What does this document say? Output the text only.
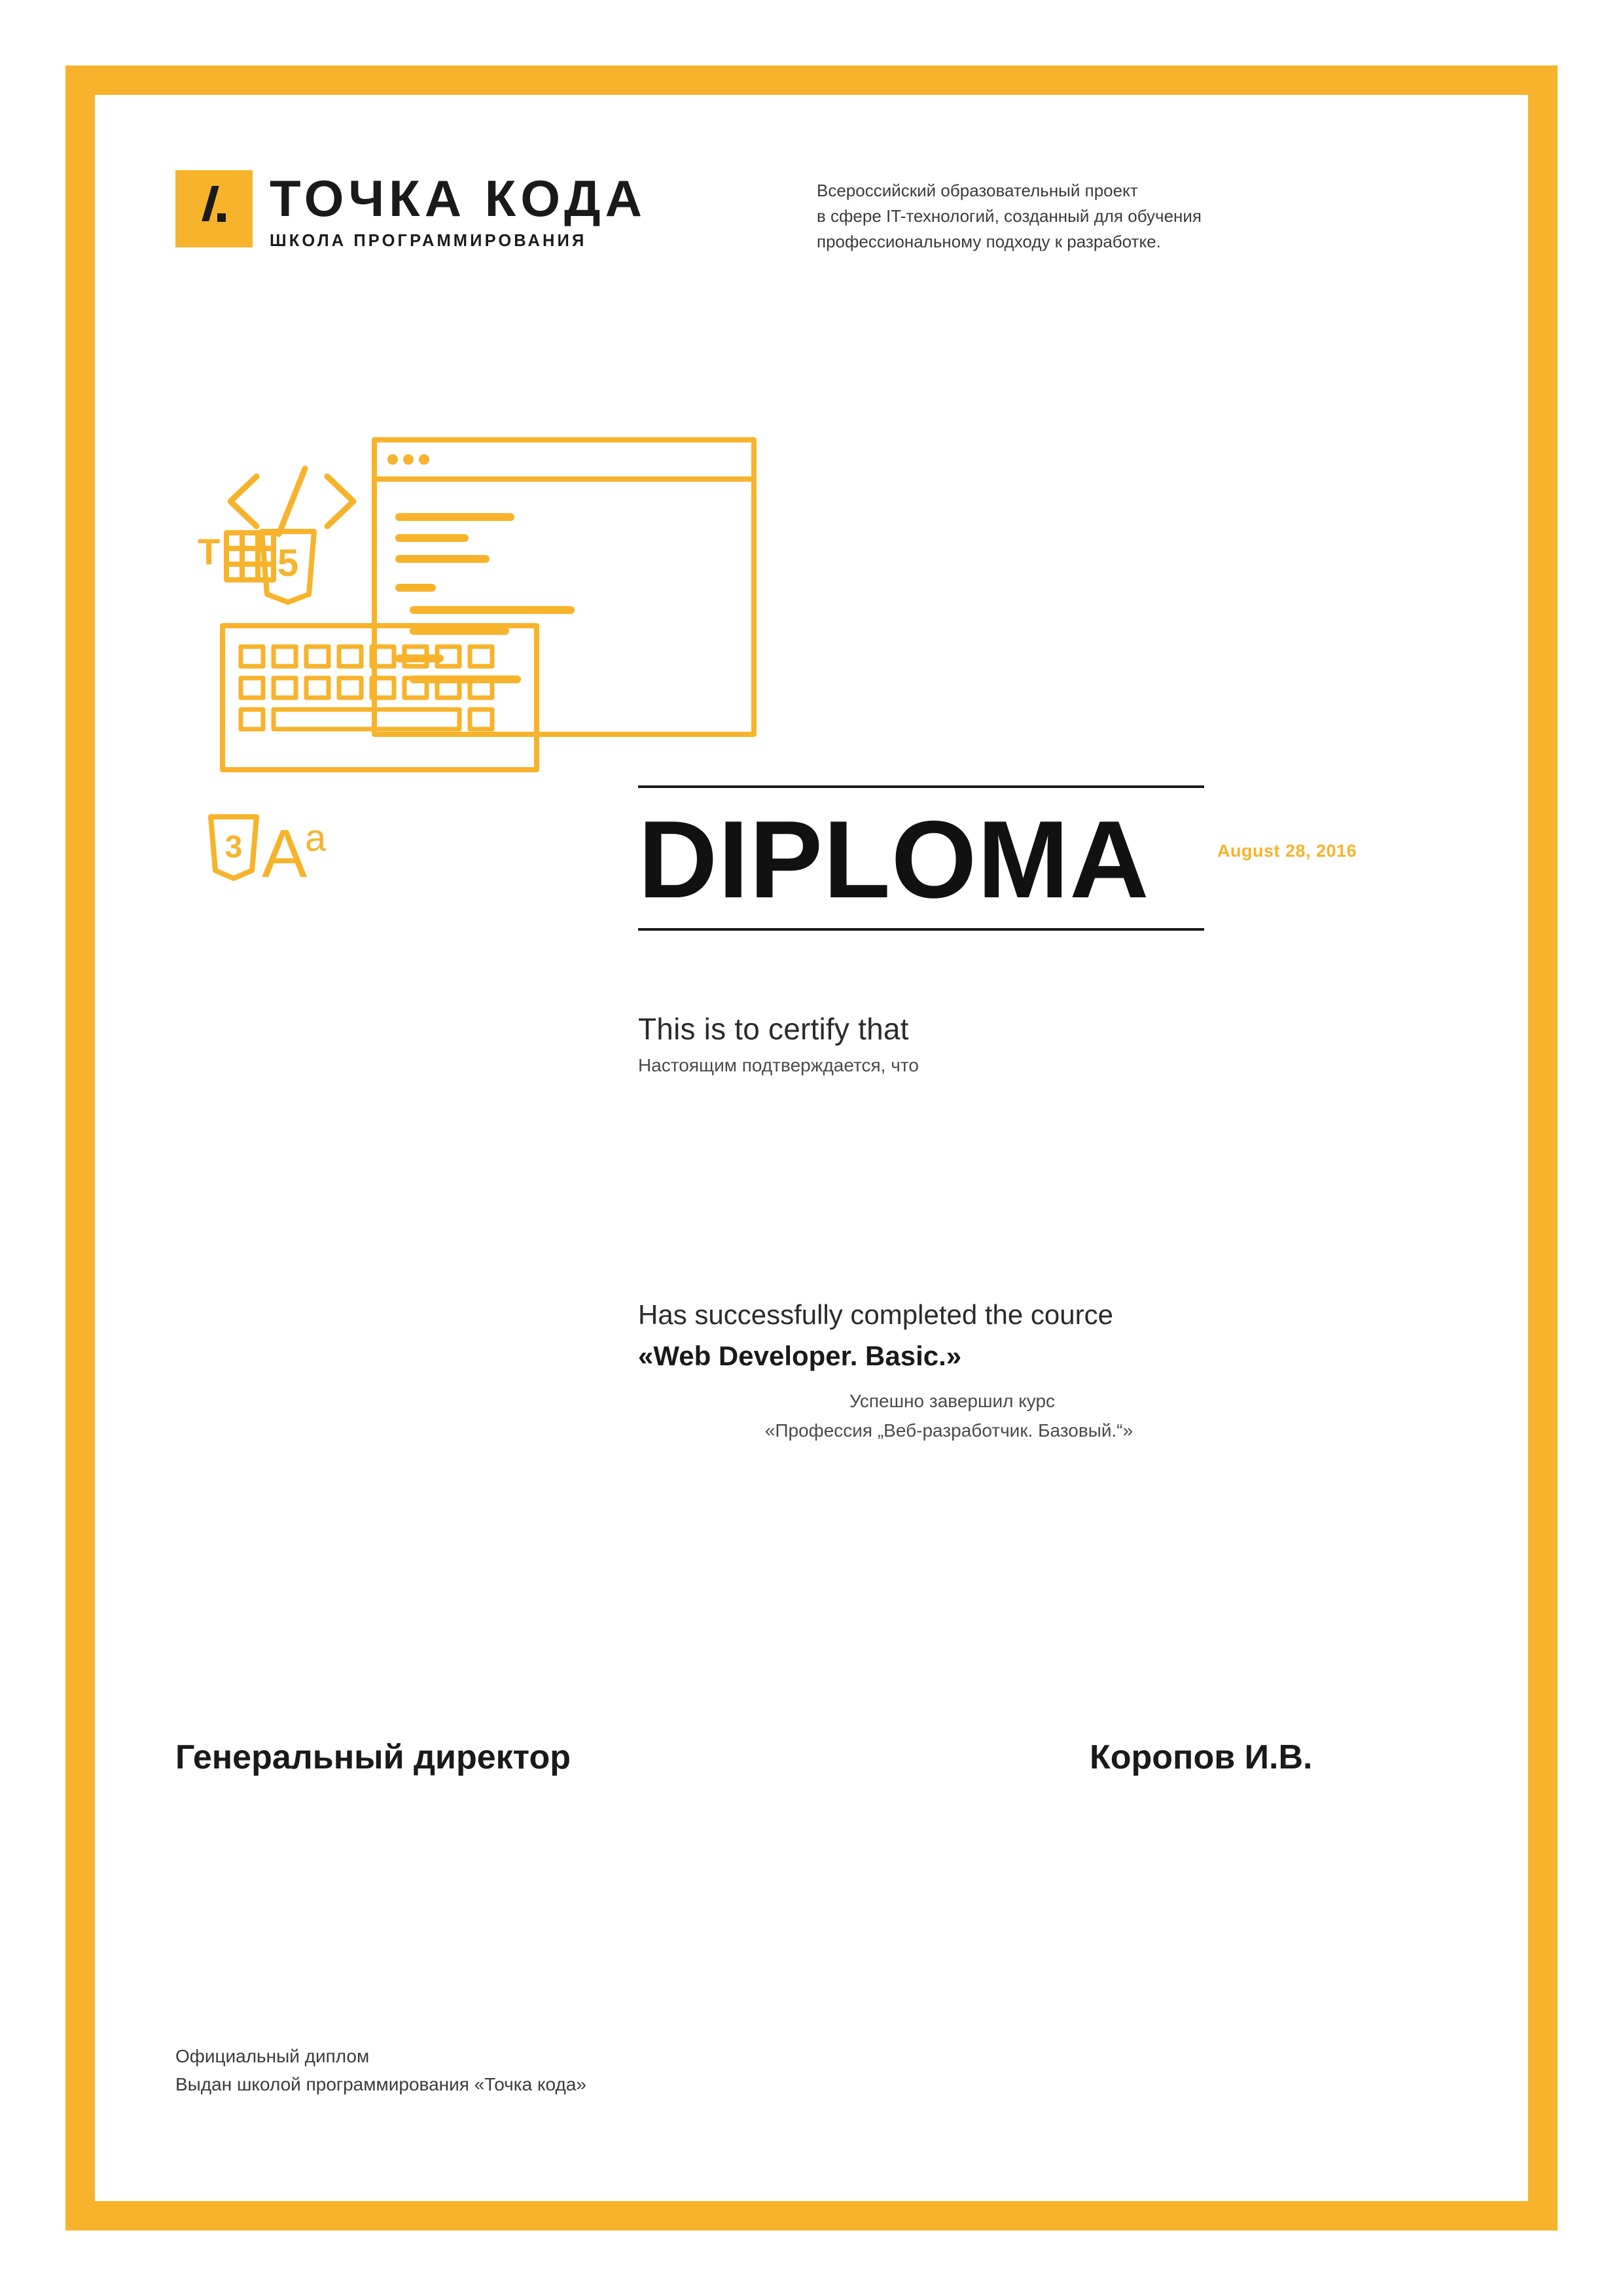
ТОЧКА КОДА
ШКОЛА ПРОГРАММИРОВАНИЯ
Всероссийский образовательный проект
в сфере IT-технологий, созданный для обучения
профессиональному подходу к разработке.
5
T
3 A
a	DIPLOMA	August 28, 2016
This is to certify that
Настоящим подтверждается, что
Has successfully completed the cource
«Web Developer. Basic.»
Успешно завершил курс
«Профессия „Веб-разработчик. Базовый.“»
Генеральный директор	Коропов И.В.
Официальный диплом
Выдан школой программирования «Точка кода»
